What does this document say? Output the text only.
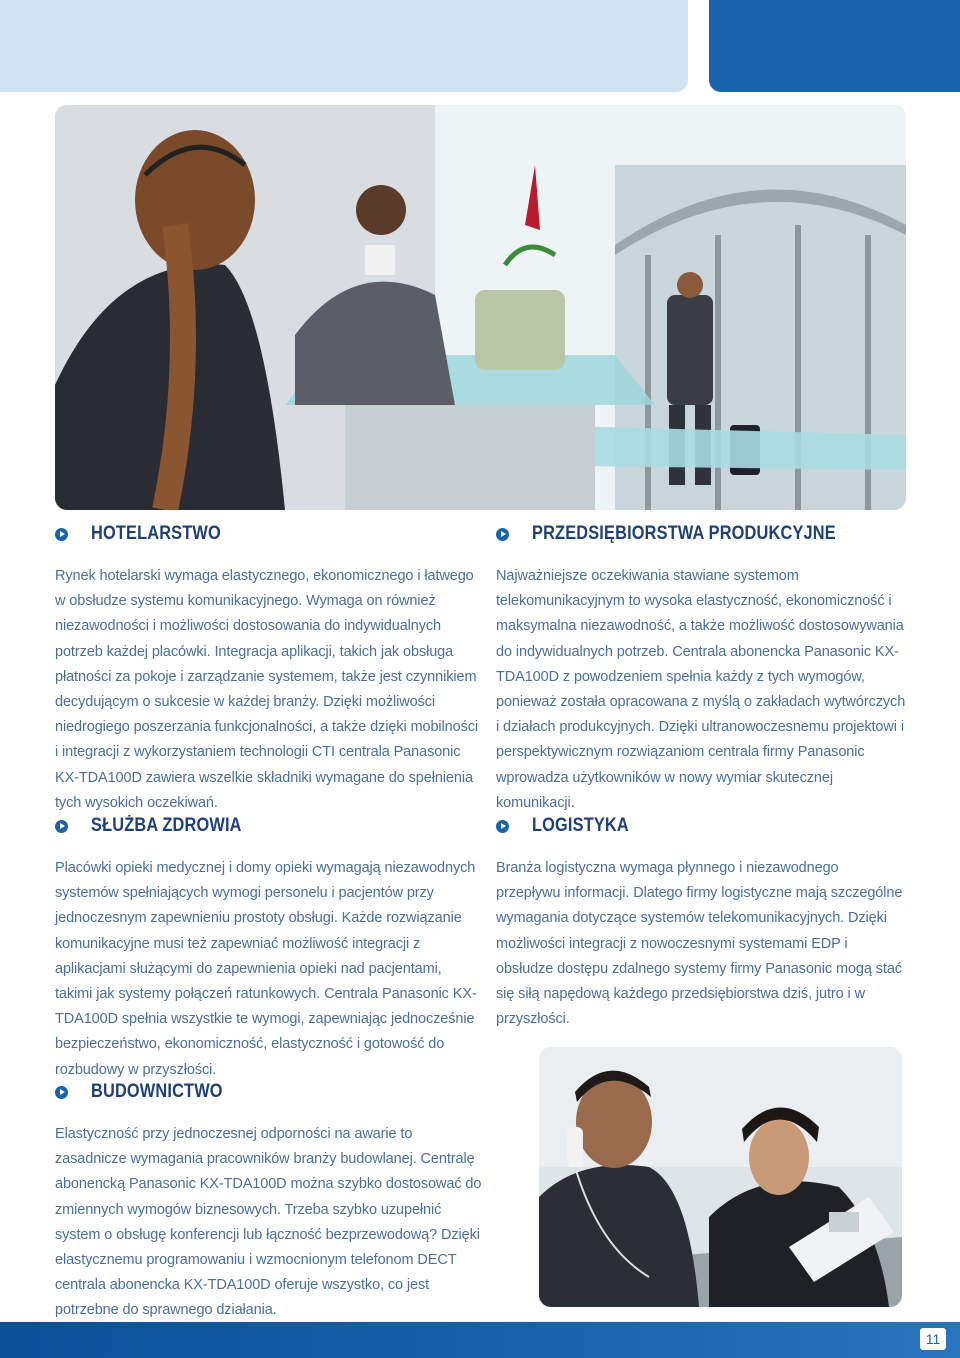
HOTELARSTWO

Rynek hotelarski wymaga elastycznego, ekonomicznego i łatwego w obsłudze systemu komunikacyjnego. Wymaga on również niezawodności i możliwości dostosowania do indywidualnych potrzeb każdej placówki. Integracja aplikacji, takich jak obsługa płatności za pokoje i zarządzanie systemem, także jest czynnikiem decydującym o sukcesie w każdej branży. Dzięki możliwości niedrogiego poszerzania funkcjonalności, a także dzięki mobilności i integracji z wykorzystaniem technologii CTI centrala Panasonic KX-TDA100D zawiera wszelkie składniki wymagane do spełnienia tych wysokich oczekiwań.

SŁUŻBA ZDROWIA

Placówki opieki medycznej i domy opieki wymagają niezawodnych systemów spełniających wymogi personelu i pacjentów przy jednoczesnym zapewnieniu prostoty obsługi. Każde rozwiązanie komunikacyjne musi też zapewniać możliwość integracji z aplikacjami służącymi do zapewnienia opieki nad pacjentami, takimi jak systemy połączeń ratunkowych. Centrala Panasonic KX-TDA100D spełnia wszystkie te wymogi, zapewniając jednocześnie bezpieczeństwo, ekonomiczność, elastyczność i gotowość do rozbudowy w przyszłości.

BUDOWNICTWO

Elastyczność przy jednoczesnej odporności na awarie to zasadnicze wymagania pracowników branży budowlanej. Centralę abonencką Panasonic KX-TDA100D można szybko dostosować do zmiennych wymogów biznesowych. Trzeba szybko uzupełnić system o obsługę konferencji lub łączność bezprzewodową? Dzięki elastycznemu programowaniu i wzmocnionym telefonom DECT centrala abonencka KX-TDA100D oferuje wszystko, co jest potrzebne do sprawnego działania.

PRZEDSIĘBIORSTWA PRODUKCYJNE

Najważniejsze oczekiwania stawiane systemom telekomunikacyjnym to wysoka elastyczność, ekonomiczność i maksymalna niezawodność, a także możliwość dostosowywania do indywidualnych potrzeb. Centrala abonencka Panasonic KX-TDA100D z powodzeniem spełnia każdy z tych wymogów, ponieważ została opracowana z myślą o zakładach wytwórczych i działach produkcyjnych. Dzięki ultranowoczesnemu projektowi i perspektywicznym rozwiązaniom centrala firmy Panasonic wprowadza użytkowników w nowy wymiar skutecznej komunikacji.

LOGISTYKA

Branża logistyczna wymaga płynnego i niezawodnego przepływu informacji. Dlatego firmy logistyczne mają szczególne wymagania dotyczące systemów telekomunikacyjnych. Dzięki możliwości integracji z nowoczesnymi systemami EDP i obsłudze dostępu zdalnego systemy firmy Panasonic mogą stać się siłą napędową każdego przedsiębiorstwa dziś, jutro i w przyszłości.

11
